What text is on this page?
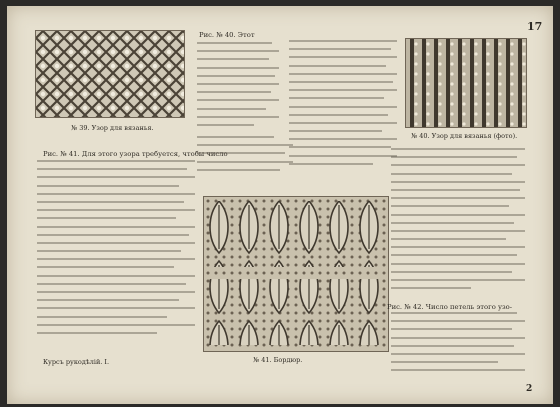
17
№ 39. Узор для вязанья.
№ 40. Узор для вязанья (фото).
№ 41. Бордюр.
Рис. № 40. Этот
Рис. № 41. Для этого узора требуется, чтобы число
Рис. № 42. Число петель этого узо-
Курсъ рукодѣлій. I.
2
